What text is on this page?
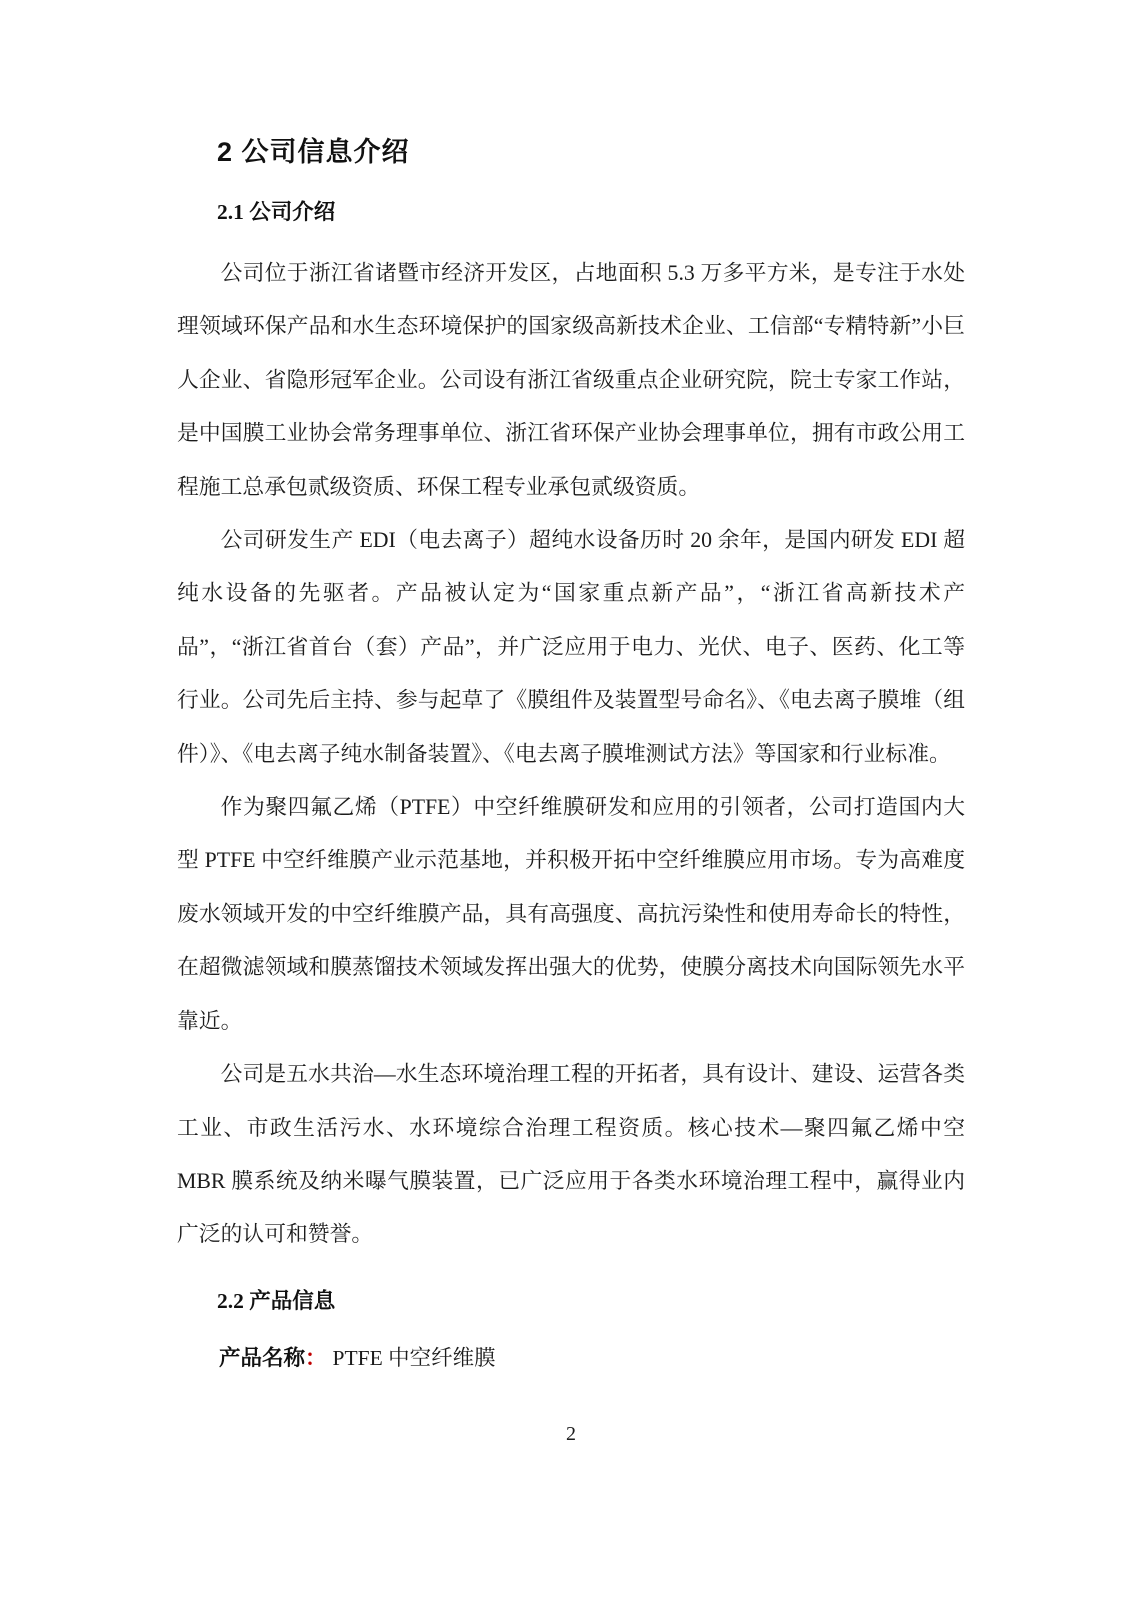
2 公司信息介绍
2.1 公司介绍

公司位于浙江省诸暨市经济开发区，占地面积 5.3 万多平方米，是专注于水处理领域环保产品和水生态环境保护的国家级高新技术企业、工信部“专精特新”小巨人企业、省隐形冠军企业。公司设有浙江省级重点企业研究院，院士专家工作站，是中国膜工业协会常务理事单位、浙江省环保产业协会理事单位，拥有市政公用工程施工总承包贰级资质、环保工程专业承包贰级资质。

公司研发生产 EDI（电去离子）超纯水设备历时 20 余年，是国内研发 EDI 超纯水设备的先驱者。产品被认定为“国家重点新产品”，“浙江省高新技术产品”，“浙江省首台（套）产品”，并广泛应用于电力、光伏、电子、医药、化工等行业。公司先后主持、参与起草了《膜组件及装置型号命名》、《电去离子膜堆（组件）》、《电去离子纯水制备装置》、《电去离子膜堆测试方法》等国家和行业标准。

作为聚四氟乙烯（PTFE）中空纤维膜研发和应用的引领者，公司打造国内大型 PTFE 中空纤维膜产业示范基地，并积极开拓中空纤维膜应用市场。专为高难度废水领域开发的中空纤维膜产品，具有高强度、高抗污染性和使用寿命长的特性，在超微滤领域和膜蒸馏技术领域发挥出强大的优势，使膜分离技术向国际领先水平靠近。

公司是五水共治—水生态环境治理工程的开拓者，具有设计、建设、运营各类工业、市政生活污水、水环境综合治理工程资质。核心技术—聚四氟乙烯中空 MBR 膜系统及纳米曝气膜装置，已广泛应用于各类水环境治理工程中，赢得业内广泛的认可和赞誉。

2.2 产品信息
产品名称： PTFE 中空纤维膜
2
